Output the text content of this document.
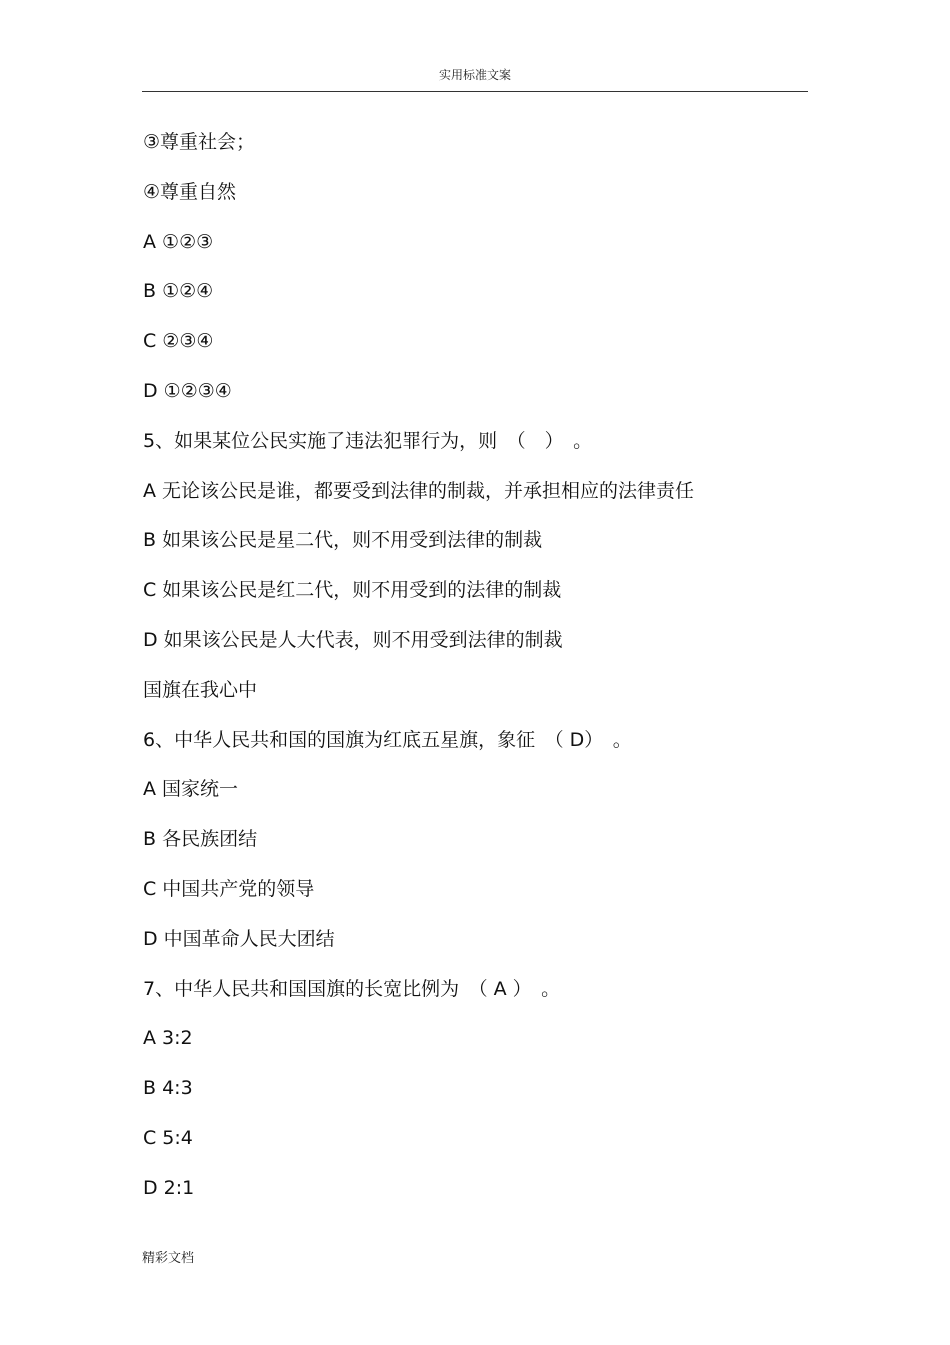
实用标准文案
③尊重社会；
④尊重自然
A ①②③
B ①②④
C ②③④
D ①②③④
5、如果某位公民实施了违法犯罪行为，则　（　）　。
A 无论该公民是谁，都要受到法律的制裁，并承担相应的法律责任
B 如果该公民是星二代，则不用受到法律的制裁
C 如果该公民是红二代，则不用受到的法律的制裁
D 如果该公民是人大代表，则不用受到法律的制裁
国旗在我心中
6、中华人民共和国的国旗为红底五星旗，象征　（ D）　。
A 国家统一
B 各民族团结
C 中国共产党的领导
D 中国革命人民大团结
7、中华人民共和国国旗的长宽比例为　（ A ）　。
A 3:2
B 4:3
C 5:4
D 2:1
精彩文档
